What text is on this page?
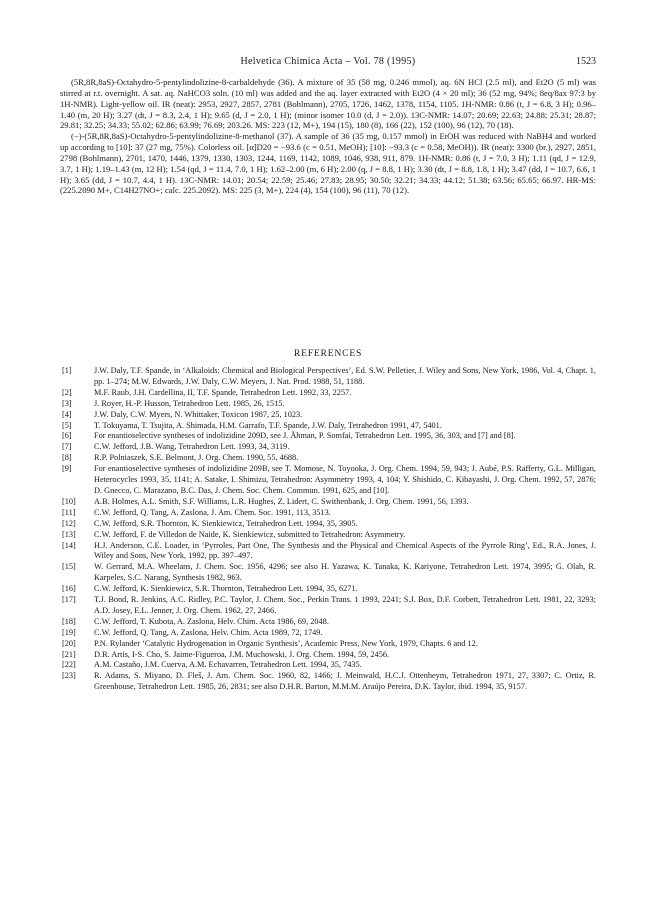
Helvetica Chimica Acta – Vol. 78 (1995)	1523

(5R,8R,8aS)-Octahydro-5-pentylindolizine-8-carbaldehyde (36). A mixture of 35 (58 mg, 0.246 mmol), aq. 6N HCl (2.5 ml), and Et2O (5 ml) was stirred at r.t. overnight. A sat. aq. NaHCO3 soln. (10 ml) was added and the aq. layer extracted with Et2O (4 × 20 ml); 36 (52 mg, 94%; 8eq/8ax 97:3 by 1H-NMR). Light-yellow oil. IR (neat): 2953, 2927, 2857, 2781 (Bohlmann), 2705, 1726, 1462, 1378, 1154, 1105. 1H-NMR: 0.86 (t, J = 6.8, 3 H); 0.96–1.40 (m, 20 H); 3.27 (dt, J = 8.3, 2.4, 1 H); 9.65 (d, J = 2.0, 1 H); (minor isomer 10.0 (d, J = 2.0)). 13C-NMR: 14.07; 20.69; 22.63; 24.88; 25.31; 28.87; 29.81; 32.25; 34.33; 55.02; 62.86; 63.99; 76.69; 203.26. MS: 223 (12, M+), 194 (15), 180 (8), 166 (22), 152 (100), 96 (12), 70 (18).

(−)-(5R,8R,8aS)-Octahydro-5-pentylindolizine-8-methanol (37). A sample of 36 (35 mg, 0.157 mmol) in EtOH was reduced with NaBH4 and worked up according to [10]: 37 (27 mg, 75%). Colorless oil. [α]D20 = −93.6 (c = 0.51, MeOH); [10]: −93.3 (c = 0.58, MeOH)). IR (neat): 3300 (br.), 2927, 2851, 2798 (Bohlmann), 2701, 1470, 1446, 1379, 1330, 1303, 1244, 1169, 1142, 1089, 1046, 938, 911, 879. 1H-NMR: 0.86 (t, J = 7.0, 3 H); 1.11 (qd, J = 12.9, 3.7, 1 H); 1.19–1.43 (m, 12 H); 1.54 (qd, J = 11.4, 7.0, 1 H); 1.62–2.00 (m, 6 H); 2.00 (q, J = 8.8, 1 H); 3.30 (dt, J = 8.8, 1.8, 1 H); 3.47 (dd, J = 10.7, 6.6, 1 H); 3.65 (dd, J = 10.7, 4.4, 1 H). 13C-NMR: 14.01; 20.54; 22.59; 25.46; 27.83; 28.95; 30.50; 32.21; 34.33; 44.12; 51.38; 63.56; 65.65; 66.97. HR-MS: (225.2090 M+, C14H27NO+; calc. 225.2092). MS: 225 (3, M+), 224 (4), 154 (100), 96 (11), 70 (12).

REFERENCES
[1]	J.W. Daly, T.F. Spande, in ‘Alkaloids: Chemical and Biological Perspectives’, Ed. S.W. Pelletier, J. Wiley and Sons, New York, 1986, Vol. 4, Chapt. 1, pp. 1–274; M.W. Edwards, J.W. Daly, C.W. Meyers, J. Nat. Prod. 1988, 51, 1188.
[2]	M.F. Raub, J.H. Cardellina, II, T.F. Spande, Tetrahedron Lett. 1992, 33, 2257.
[3]	J. Royer, H.-P. Husson, Tetrahedron Lett. 1985, 26, 1515.
[4]	J.W. Daly, C.W. Myers, N. Whittaker, Toxicon 1987, 25, 1023.
[5]	T. Tokuyama, T. Tsujita, A. Shimada, H.M. Garrafo, T.F. Spande, J.W. Daly, Tetrahedron 1991, 47, 5401.
[6]	For enantioselective syntheses of indolizidine 209D, see J. Åhman, P. Somfai, Tetrahedron Lett. 1995, 36, 303, and [7] and [8].
[7]	C.W. Jefford, J.B. Wang, Tetrahedron Lett. 1993, 34, 3119.
[8]	R.P. Polniaszek, S.E. Belmont, J. Org. Chem. 1990, 55, 4688.
[9]	For enantioselective syntheses of indolizidine 209B, see T. Momose, N. Toyooka, J. Org. Chem. 1994, 59, 943; J. Aubé, P.S. Rafferty, G.L. Milligan, Heterocycles 1993, 35, 1141; A. Satake, I. Shimizu, Tetrahedron: Asymmetry 1993, 4, 104; Y. Shishido, C. Kibayashi, J. Org. Chem. 1992, 57, 2876; D. Gnecco, C. Marazano, B.C. Das, J. Chem. Soc. Chem. Commun. 1991, 625, and [10].
[10] A.B. Holmes, A.L. Smith, S.F. Williams, L.R. Hughes, Z. Lidert, C. Swithenbank, J. Org. Chem. 1991, 56, 1393.
[11] C.W. Jefford, Q. Tang, A. Zaslona, J. Am. Chem. Soc. 1991, 113, 3513.
[12] C.W. Jefford, S.R. Thornton, K. Sienkiewicz, Tetrahedron Lett. 1994, 35, 3905.
[13] C.W. Jefford, F. de Villedon de Naide, K. Sienkiewicz, submitted to Tetrahedron: Asymmetry.
[14] H.J. Anderson, C.E. Loader, in ‘Pyrroles, Part One, The Synthesis and the Physical and Chemical Aspects of the Pyrrole Ring’, Ed., R.A. Jones, J. Wiley and Sons, New York, 1992, pp. 397–497.
[15] W. Gerrard, M.A. Wheelans, J. Chem. Soc. 1956, 4296; see also H. Yazawa, K. Tanaka, K. Kariyone, Tetrahedron Lett. 1974, 3995; G. Olah, R. Karpeles, S.C. Narang, Synthesis 1982, 963.
[16] C.W. Jefford, K. Sienkiewicz, S.R. Thornton, Tetrahedron Lett. 1994, 35, 6271.
[17] T.J. Bond, R. Jenkins, A.C. Ridley, P.C. Taylor, J. Chem. Soc., Perkin Trans. 1 1993, 2241; S.J. Box, D.F. Corbett, Tetrahedron Lett. 1981, 22, 3293; A.D. Josey, E.L. Jenner, J. Org. Chem. 1962, 27, 2466.
[18] C.W. Jefford, T. Kubota, A. Zaslona, Helv. Chim. Acta 1986, 69, 2048.
[19] C.W. Jefford, Q. Tang, A. Zaslona, Helv. Chim. Acta 1989, 72, 1749.
[20] P.N. Rylander ‘Catalytic Hydrogenation in Organic Synthesis’, Academic Press, New York, 1979, Chapts. 6 and 12.
[21] D.R. Artis, I-S. Cho, S. Jaime-Figueroa, J.M. Muchowski, J. Org. Chem. 1994, 59, 2456.
[22] A.M. Castaño, J.M. Cuerva, A.M. Echavarren, Tetrahedron Lett. 1994, 35, 7435.
[23] R. Adams, S. Miyano, D. Fleš, J. Am. Chem. Soc. 1960, 82, 1466; J. Meinwald, H.C.J. Ottenheym, Tetrahedron 1971, 27, 3307; C. Ortiz, R. Greenhouse, Tetrahedron Lett. 1985, 26, 2831; see also D.H.R. Barton, M.M.M. Araújo Pereira, D.K. Taylor, ibid. 1994, 35, 9157.
